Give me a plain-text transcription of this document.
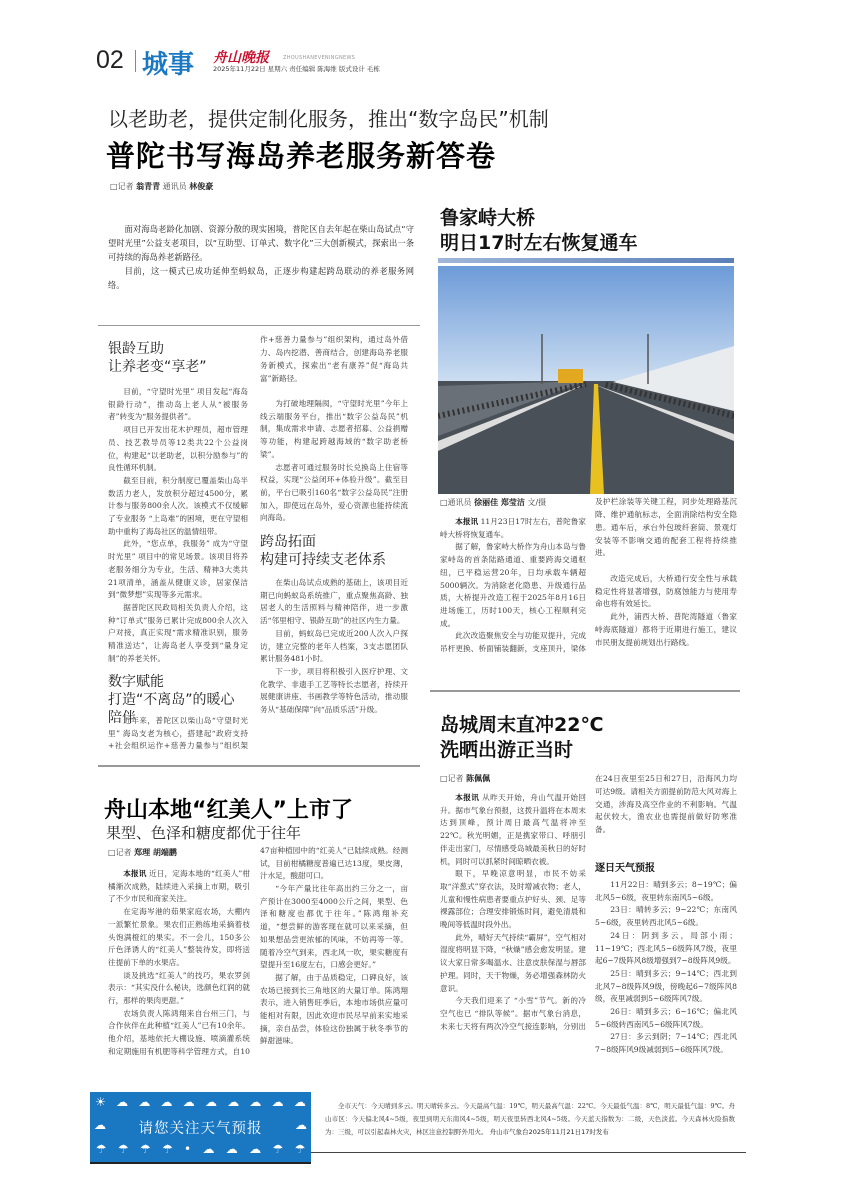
02 城事 舟山晚报	ZHOUSHANEVENINGNEWS
2025年11月22日 星期六 责任编辑 陈海维 版式设计 毛栋
以老助老，提供定制化服务，推出“数字岛民”机制
普陀书写海岛养老服务新答卷
□记者 翁青青 通讯员 林俊豪

面对海岛老龄化加剧、资源分散的现实困境，普陀区自去年起在柴山岛试点“守望时光里”公益支老项目，以“互助型、订单式、数字化”三大创新模式，探索出一条可持续的海岛养老新路径。

目前，这一模式已成功延伸至蚂蚁岛，正逐步构建起跨岛联动的养老服务网络。

银龄互助
让养老变“享老”

目前，“守望时光里” 项目发起“海岛银龄行动”，推动岛上老人从“被服务者”转变为“服务提供者”。

项目已开发出花木护理员，超市管理员、技艺教导员等12类共22个公益岗位，构建起“以老助老，以积分励参与”的良性循环机制。

截至目前，积分制度已覆盖柴山岛半数活力老人，发放积分超过4500分，累计参与服务800余人次。该模式不仅缓解了专业服务 “上岛难”的困境，更在守望相助中重构了海岛社区的温情纽带。

此外，“您点单，我服务” 成为“守望时光里” 项目中的常见场景。该项目将养老服务细分为专业，生活、精神3大类共21项清单，涵盖从健康义诊，居家保洁到“微梦想”实现等多元需求。

据普陀区民政局相关负责人介绍，这种“订单式”服务已累计完成800余人次入户对接，真正实现“需求精准识别，服务精准送达”，让海岛老人享受到“量身定制”的养老关怀。

数字赋能
打造“不离岛”的暖心陪伴

近年来，普陀区以柴山岛“守望时光里” 海岛支老为核心，搭建起“政府支持+社会组织运作+慈善力量参与”组织架

作+慈善力量参与”组织架构，通过岛外借力、岛内挖潜、善商结合，创建海岛养老服务新模式，探索出“老有康养”促“海岛共富”新路径。

为打破地理隔阂，“守望时光里”今年上线云端服务平台，推出“数字公益岛民”机制，集成需求申请、志愿者招募、公益捐赠等功能，构建起跨越海域的“数字助老桥梁”。

志愿者可通过服务时长兑换岛上住宿等权益，实现“公益闭环+体验升级”。截至目前，平台已吸引160名“数字公益岛民”注册加入，即使远在岛外，爱心资源也能持续流向海岛。

跨岛拓面
构建可持续支老体系

在柴山岛试点成熟的基础上，该项目近期已向蚂蚁岛系统推广，重点聚焦高龄、独居老人的生活照料与精神陪伴，进一步激活“邻里相守、银龄互助”的社区内生力量。

目前，蚂蚁岛已完成近200人次入户探访，建立完整的老年人档案，3支志愿团队累计服务481小时。

下一步，项目将积极引入医疗护理、文化教学、非遗手工艺等特长志愿者，持续开展健康讲座、书画教学等特色活动，推动服务从“基础保障”向“品质乐活”升级。

鲁家峙大桥
明日17时左右恢复通车
□通讯员 徐丽佳 郑莹洁 文/摄

本报讯 11月23日17时左右，普陀鲁家峙大桥将恢复通车。

据了解，鲁家峙大桥作为舟山本岛与鲁家峙岛的首条陆路通道、重要跨海交通枢纽，已平稳运营20年，日均承载车辆超5000辆次。为消除老化隐患、升级通行品质，大桥提升改造工程于2025年8月16日进场施工，历时100天，核心工程顺利完成。

此次改造聚焦安全与功能双提升，完成吊杆更换、桥面铺装翻新，支座顶升，梁体

及护栏涂装等关键工程，同步处理路基沉降、维护通航标志，全面消除结构安全隐患。通车后，承台外包玻纤套筒、景观灯安装等不影响交通的配套工程将持续推进。

改造完成后，大桥通行安全性与承载稳定性将显著增强，防腐蚀能力与使用寿命也将有效延长。

此外，浦西大桥、普陀湾隧道（鲁家峙海底隧道）都将于近期进行施工，建议市民朋友提前规划出行路线。

岛城周末直冲22℃
洗晒出游正当时
□记者 陈佩佩

本报讯 从昨天开始，舟山气温开始回升。据市气象台预报，这拨升温将在本周末达到顶峰，预计周日最高气温将冲至22℃。秋光明媚，正是携家带口、呼朋引伴走出家门，尽情感受岛城最美秋日的好时机，同时可以抓紧时间晾晒衣被。

眼下，早晚凉意明显，市民不妨采取“洋葱式”穿衣法，及时增减衣物；老人，儿童和慢性病患者要重点护好头、颈、足等裸露部位；合理安排锻炼时间，避免清晨和晚间等低温时段外出。

此外，晴好天气持续“霸屏”，空气相对湿度将明显下降，“秋燥”感会愈发明显。建议大家日常多喝温水、注意皮肤保湿与唇部护理。同时，天干物燥，务必增强森林防火意识。

今天我们迎来了 “小雪”节气。新的冷空气也已 “排队等候”。据市气象台消息，未来七天将有两次冷空气接连影响，分别出

在24日夜里至25日和27日，沿海风力均可达9级。请相关方面提前防范大风对海上交通，涉海及高空作业的不利影响。气温起伏较大，渔农业也需提前做好防寒准备。

逐日天气预报

11月22日：晴到多云；8~19℃；偏北风5~6级，夜里转东南风5~6级。

23日：晴转多云；9~22℃；东南风5~6级，夜里转西北风5~6级。

24日：阴到多云，局部小雨；11~19℃；西北风5~6级阵风7级，夜里起6~7级阵风8级增强到7~8级阵风9级。

25日：晴到多云；9~14℃；西北到北风7~8级阵风9级，傍晚起6~7级阵风8级，夜里减弱到5~6级阵风7级。

26日：晴到多云；6~16℃；偏北风5~6级转西南风5~6级阵风7级。

27日：多云到阴；7~14℃；西北风7~8级阵风9级减弱到5~6级阵风7级。

舟山本地“红美人”上市了
果型、色泽和糖度都优于往年
□记者 郑理 胡端鹏

本报讯 近日，定海本地的“红美人”柑橘渐次成熟，陆续进入采摘上市期，吸引了不少市民和商家关注。

在定海岑港的茹果家庭农场，大棚内一派繁忙景象。果农们正熟练地采摘着枝头饱满橙红的果实。不一会儿，150多公斤色泽诱人的“红美人”整装待发，即将送往提前下单的水果店。

谈及挑选“红美人”的技巧，果农罗剑表示：“其实没什么秘诀，选颜色红润的就行，那样的果肉更甜。”

农场负责人陈鸿翔来自台州三门，与合作伙伴在此种植“红美人”已有10余年。他介绍，基地依托大棚设施、喷滴灌系统和定期施用有机肥等科学管理方式，自10

47亩种植园中的“红美人”已陆续成熟。经测试，目前柑橘糖度普遍已达13度，果皮薄，汁水足，酸甜可口。

“今年产量比往年高出约三分之一，亩产预计在3000至4000公斤之间，果型、色泽和糖度也都优于往年。”陈鸿翔补充道，“想尝鲜的游客现在就可以来采摘，但如果想品尝更浓郁的风味，不妨再等一等。随着冷空气到来，西北风一吹，果实糖度有望提升至16度左右，口感会更好。”

据了解，由于品质稳定，口碑良好，该农场已接到长三角地区的大量订单。陈鸿翔表示，进入销售旺季后，本地市场供应量可能相对有限，因此欢迎市民尽早前来实地采摘，亲自品尝，体验这份独属于秋冬季节的鲜甜滋味。

☀ ☁ ☁ ☁ ☁ ☁ ☁ ☁ ☁ ☁
☁	☁
请您关注天气预报
☂ ☂ ☂ ☂ • ☁ ☁ ☁ ☂ ☂
全市天气：今天晴到多云。明天晴转多云。今天最高气温：19℃，明天最高气温：22℃。今天最低气温：8℃，明天最低气温：9℃。舟山市区：今天偏北风4~5级，夜里到明天东南风4~5级，明天夜里转西北风4~5级。今天蓝天指数为：二级，天色淡蓝。今天森林火险指数为：三级，可以引起森林火灾，林区注意控制野外用火。 舟山市气象台2025年11月21日17时发布
